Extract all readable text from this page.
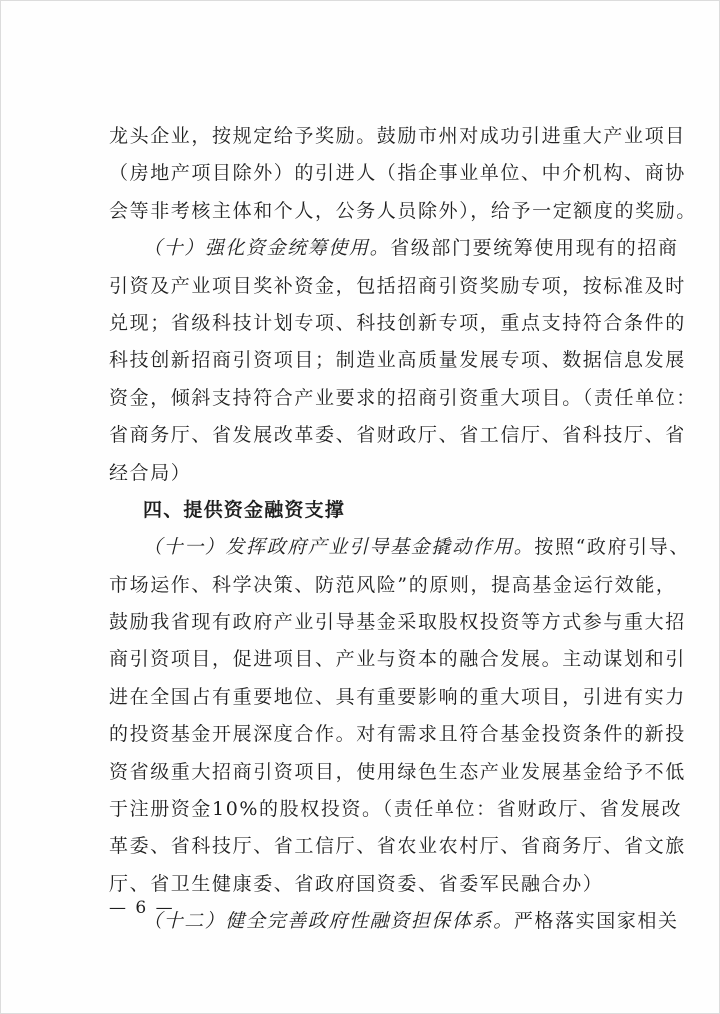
龙头企业，按规定给予奖励。鼓励市州对成功引进重大产业项目
（房地产项目除外）的引进人（指企事业单位、中介机构、商协
会等非考核主体和个人，公务人员除外），给予一定额度的奖励。
（十）强化资金统筹使用。省级部门要统筹使用现有的招商
引资及产业项目奖补资金，包括招商引资奖励专项，按标准及时
兑现；省级科技计划专项、科技创新专项，重点支持符合条件的
科技创新招商引资项目；制造业高质量发展专项、数据信息发展
资金，倾斜支持符合产业要求的招商引资重大项目。（责任单位：
省商务厅、省发展改革委、省财政厅、省工信厅、省科技厅、省
经合局）
四、提供资金融资支撑
（十一）发挥政府产业引导基金撬动作用。按照“政府引导、
市场运作、科学决策、防范风险”的原则，提高基金运行效能，
鼓励我省现有政府产业引导基金采取股权投资等方式参与重大招
商引资项目，促进项目、产业与资本的融合发展。主动谋划和引
进在全国占有重要地位、具有重要影响的重大项目，引进有实力
的投资基金开展深度合作。对有需求且符合基金投资条件的新投
资省级重大招商引资项目，使用绿色生态产业发展基金给予不低
于注册资金10%的股权投资。（责任单位：省财政厅、省发展改
革委、省科技厅、省工信厅、省农业农村厅、省商务厅、省文旅
厅、省卫生健康委、省政府国资委、省委军民融合办）
（十二）健全完善政府性融资担保体系。严格落实国家相关
— 6 —
